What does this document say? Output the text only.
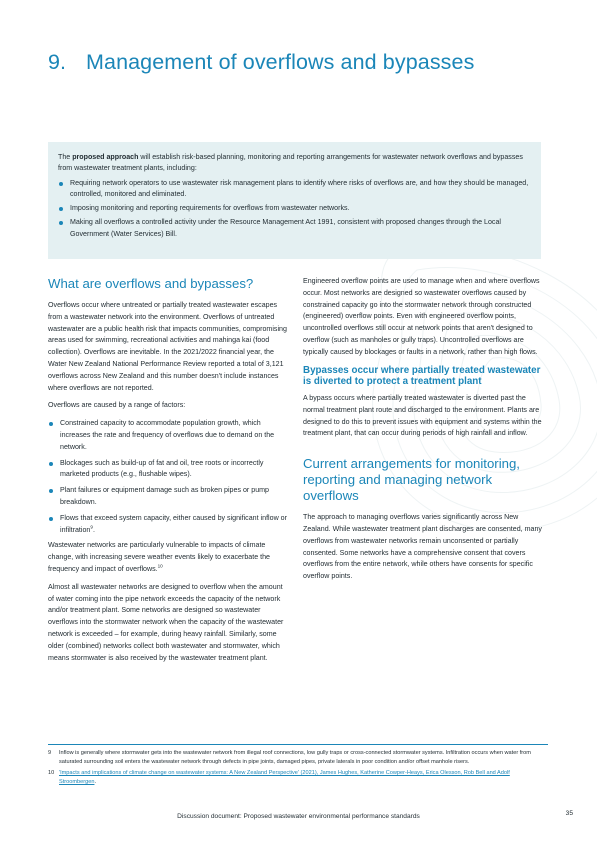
9. Management of overflows and bypasses

The proposed approach will establish risk-based planning, monitoring and reporting arrangements for wastewater network overflows and bypasses from wastewater treatment plants, including:

Requiring network operators to use wastewater risk management plans to identify where risks of overflows are, and how they should be managed, controlled, monitored and eliminated.
Imposing monitoring and reporting requirements for overflows from wastewater networks.
Making all overflows a controlled activity under the Resource Management Act 1991, consistent with proposed changes through the Local Government (Water Services) Bill.
What are overflows and bypasses?

Overflows occur where untreated or partially treated wastewater escapes from a wastewater network into the environment. Overflows of untreated wastewater are a public health risk that impacts communities, compromising areas used for swimming, recreational activities and mahinga kai (food collection). Overflows are inevitable. In the 2021/2022 financial year, the Water New Zealand National Performance Review reported a total of 3,121 overflows across New Zealand and this number doesn't include instances where overflows are not reported.

Overflows are caused by a range of factors:

Constrained capacity to accommodate population growth, which increases the rate and frequency of overflows due to demand on the network.
Blockages such as build-up of fat and oil, tree roots or incorrectly marketed products (e.g., flushable wipes).
Plant failures or equipment damage such as broken pipes or pump breakdown.
Flows that exceed system capacity, either caused by significant inflow or infiltration$^9$.

Wastewater networks are particularly vulnerable to impacts of climate change, with increasing severe weather events likely to exacerbate the frequency and impact of overflows.$^{10}$

Almost all wastewater networks are designed to overflow when the amount of water coming into the pipe network exceeds the capacity of the network and/or treatment plant. Some networks are designed so wastewater overflows into the stormwater network when the capacity of the wastewater network is exceeded – for example, during heavy rainfall. Similarly, some older (combined) networks collect both wastewater and stormwater, which means stormwater is also received by the wastewater treatment plant.

Engineered overflow points are used to manage when and where overflows occur. Most networks are designed so wastewater overflows caused by constrained capacity go into the stormwater network through constructed (engineered) overflow points. Even with engineered overflow points, uncontrolled overflows still occur at network points that aren't designed to overflow (such as manholes or gully traps). Uncontrolled overflows are typically caused by blockages or faults in a network, rather than high flows.

Bypasses occur where partially treated wastewater is diverted to protect a treatment plant

A bypass occurs where partially treated wastewater is diverted past the normal treatment plant route and discharged to the environment. Plants are designed to do this to prevent issues with equipment and systems within the treatment plant, that can occur during periods of high rainfall and inflow.

Current arrangements for monitoring, reporting and managing network overflows

The approach to managing overflows varies significantly across New Zealand. While wastewater treatment plant discharges are consented, many overflows from wastewater networks remain unconsented or partially consented. Some networks have a comprehensive consent that covers overflows from the entire network, while others have consents for specific overflow points.

9 Inflow is generally where stormwater gets into the wastewater network from illegal roof connections, low gully traps or cross-connected stormwater systems. Infiltration occurs when water from saturated surrounding soil enters the wastewater network through defects in pipe joints, damaged pipes, private laterals in poor condition and/or offset manhole risers.
10 'Impacts and implications of climate change on wastewater systems: A New Zealand Perspective' (2021), James Hughes, Katherine Cowper-Heays, Erica Olesson, Rob Bell and Adolf Stroombergen.
Discussion document: Proposed wastewater environmental performance standards	35
